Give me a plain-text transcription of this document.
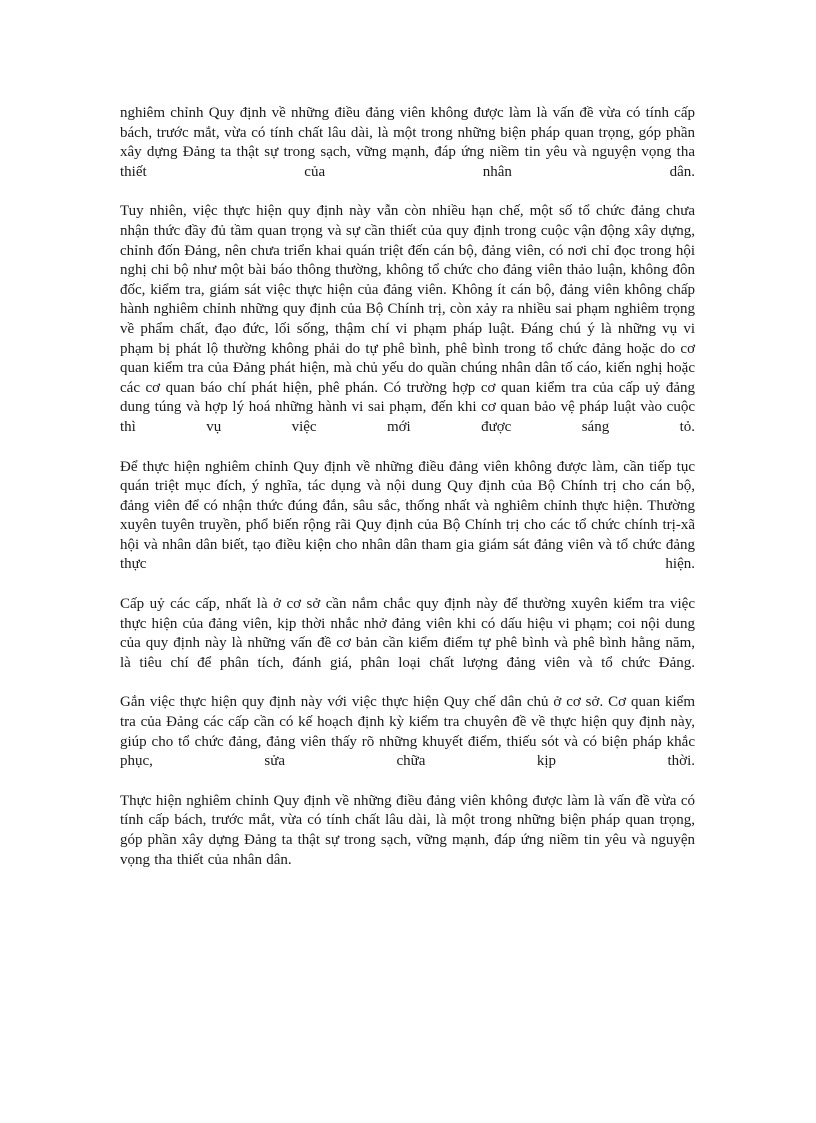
nghiêm chỉnh Quy định về những điều đảng viên không được làm là vấn đề vừa có tính cấp bách, trước mắt, vừa có tính chất lâu dài, là một trong những biện pháp quan trọng, góp phần xây dựng Đảng ta thật sự trong sạch, vững mạnh, đáp ứng niềm tin yêu và nguyện vọng tha thiết của nhân dân.

Tuy nhiên, việc thực hiện quy định này vẫn còn nhiều hạn chế, một số tổ chức đảng chưa nhận thức đầy đủ tầm quan trọng và sự cần thiết của quy định trong cuộc vận động xây dựng, chỉnh đốn Đảng, nên chưa triển khai quán triệt đến cán bộ, đảng viên, có nơi chỉ đọc trong hội nghị chi bộ như một bài báo thông thường, không tổ chức cho đảng viên thảo luận, không đôn đốc, kiểm tra, giám sát việc thực hiện của đảng viên. Không ít cán bộ, đảng viên không chấp hành nghiêm chỉnh những quy định của Bộ Chính trị, còn xảy ra nhiều sai phạm nghiêm trọng về phẩm chất, đạo đức, lối sống, thậm chí vi phạm pháp luật. Đáng chú ý là những vụ vi phạm bị phát lộ thường không phải do tự phê bình, phê bình trong tổ chức đảng hoặc do cơ quan kiểm tra của Đảng phát hiện, mà chủ yếu do quần chúng nhân dân tố cáo, kiến nghị hoặc các cơ quan báo chí phát hiện, phê phán. Có trường hợp cơ quan kiểm tra của cấp uỷ đảng dung túng và hợp lý hoá những hành vi sai phạm, đến khi cơ quan bảo vệ pháp luật vào cuộc thì vụ việc mới được sáng tỏ.

Để thực hiện nghiêm chỉnh Quy định về những điều đảng viên không được làm, cần tiếp tục quán triệt mục đích, ý nghĩa, tác dụng và nội dung Quy định của Bộ Chính trị cho cán bộ, đảng viên để có nhận thức đúng đắn, sâu sắc, thống nhất và nghiêm chỉnh thực hiện. Thường xuyên tuyên truyền, phổ biến rộng rãi Quy định của Bộ Chính trị cho các tổ chức chính trị-xã hội và nhân dân biết, tạo điều kiện cho nhân dân tham gia giám sát đảng viên và tổ chức đảng thực hiện.

Cấp uỷ các cấp, nhất là ở cơ sở cần nắm chắc quy định này để thường xuyên kiểm tra việc thực hiện của đảng viên, kịp thời nhắc nhở đảng viên khi có dấu hiệu vi phạm; coi nội dung của quy định này là những vấn đề cơ bản cần kiểm điểm tự phê bình và phê bình hằng năm, là tiêu chí để phân tích, đánh giá, phân loại chất lượng đảng viên và tổ chức Đảng.

Gắn việc thực hiện quy định này với việc thực hiện Quy chế dân chủ ở cơ sở. Cơ quan kiểm tra của Đảng các cấp cần có kế hoạch định kỳ kiểm tra chuyên đề về thực hiện quy định này, giúp cho tổ chức đảng, đảng viên thấy rõ những khuyết điểm, thiếu sót và có biện pháp khắc phục, sửa chữa kịp thời.

Thực hiện nghiêm chỉnh Quy định về những điều đảng viên không được làm là vấn đề vừa có tính cấp bách, trước mắt, vừa có tính chất lâu dài, là một trong những biện pháp quan trọng, góp phần xây dựng Đảng ta thật sự trong sạch, vững mạnh, đáp ứng niềm tin yêu và nguyện vọng tha thiết của nhân dân.
